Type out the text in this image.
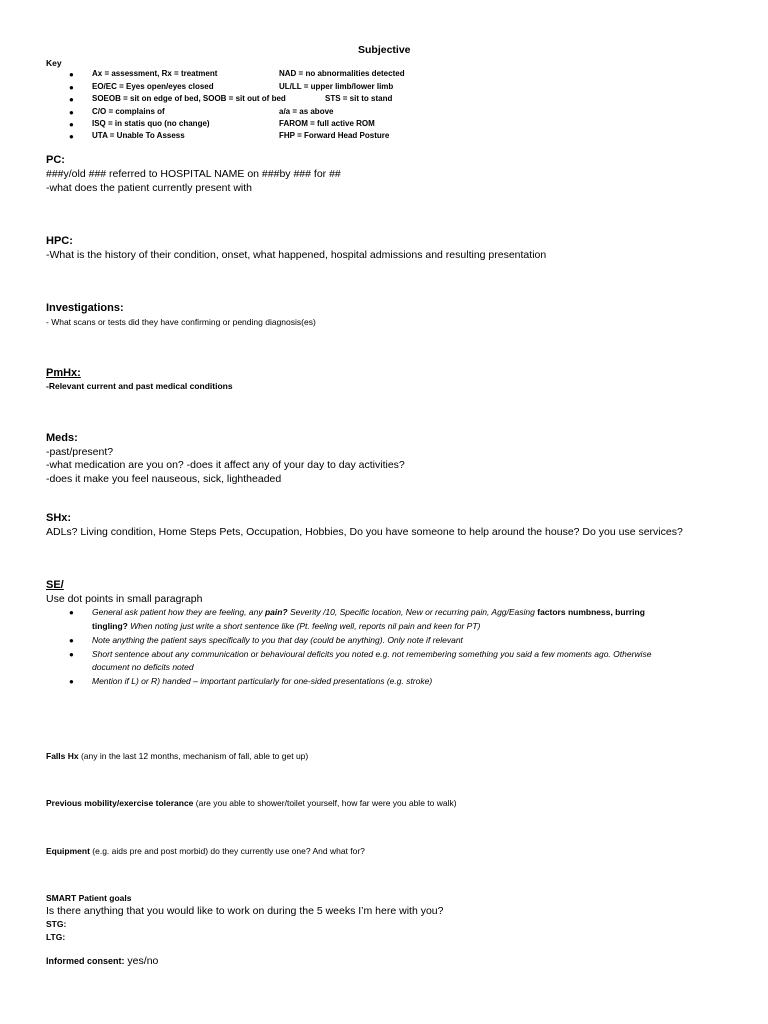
Subjective
Key
● Ax = assessment, Rx = treatment	NAD = no abnormalities detected
● EO/EC = Eyes open/eyes closed	UL/LL = upper limb/lower limb
● SOEOB = sit on edge of bed, SOOB = sit out of bed	STS = sit to stand
● C/O = complains of	a/a = as above
● ISQ = in statis quo (no change)	FAROM = full active ROM
● UTA = Unable To Assess	FHP = Forward Head Posture
PC:
###y/old ### referred to HOSPITAL NAME on ###by ### for ##
-what does the patient currently present with
HPC:
-What is the history of their condition, onset, what happened, hospital admissions and resulting presentation
Investigations:
- What scans or tests did they have confirming or pending diagnosis(es)
PmHx:
-Relevant current and past medical conditions
Meds:
-past/present?
-what medication are you on? -does it affect any of your day to day activities?
-does it make you feel nauseous, sick, lightheaded
SHx:
ADLs? Living condition, Home Steps Pets, Occupation, Hobbies, Do you have someone to help around the house? Do you use services?
SE/
Use dot points in small paragraph
● General ask patient how they are feeling, any pain? Severity /10, Specific location, New or recurring pain, Agg/Easing factors numbness, burring
tingling? When noting just write a short sentence like (Pt. feeling well, reports nil pain and keen for PT)
● Note anything the patient says specifically to you that day (could be anything). Only note if relevant
● Short sentence about any communication or behavioural deficits you noted e.g. not remembering something you said a few moments ago. Otherwise
document no deficits noted
● Mention if L) or R) handed – important particularly for one-sided presentations (e.g. stroke)
Falls Hx (any in the last 12 months, mechanism of fall, able to get up)
Previous mobility/exercise tolerance (are you able to shower/toilet yourself, how far were you able to walk)
Equipment (e.g. aids pre and post morbid) do they currently use one? And what for?
SMART Patient goals
Is there anything that you would like to work on during the 5 weeks I’m here with you?
STG:
LTG:
Informed consent: yes/no
